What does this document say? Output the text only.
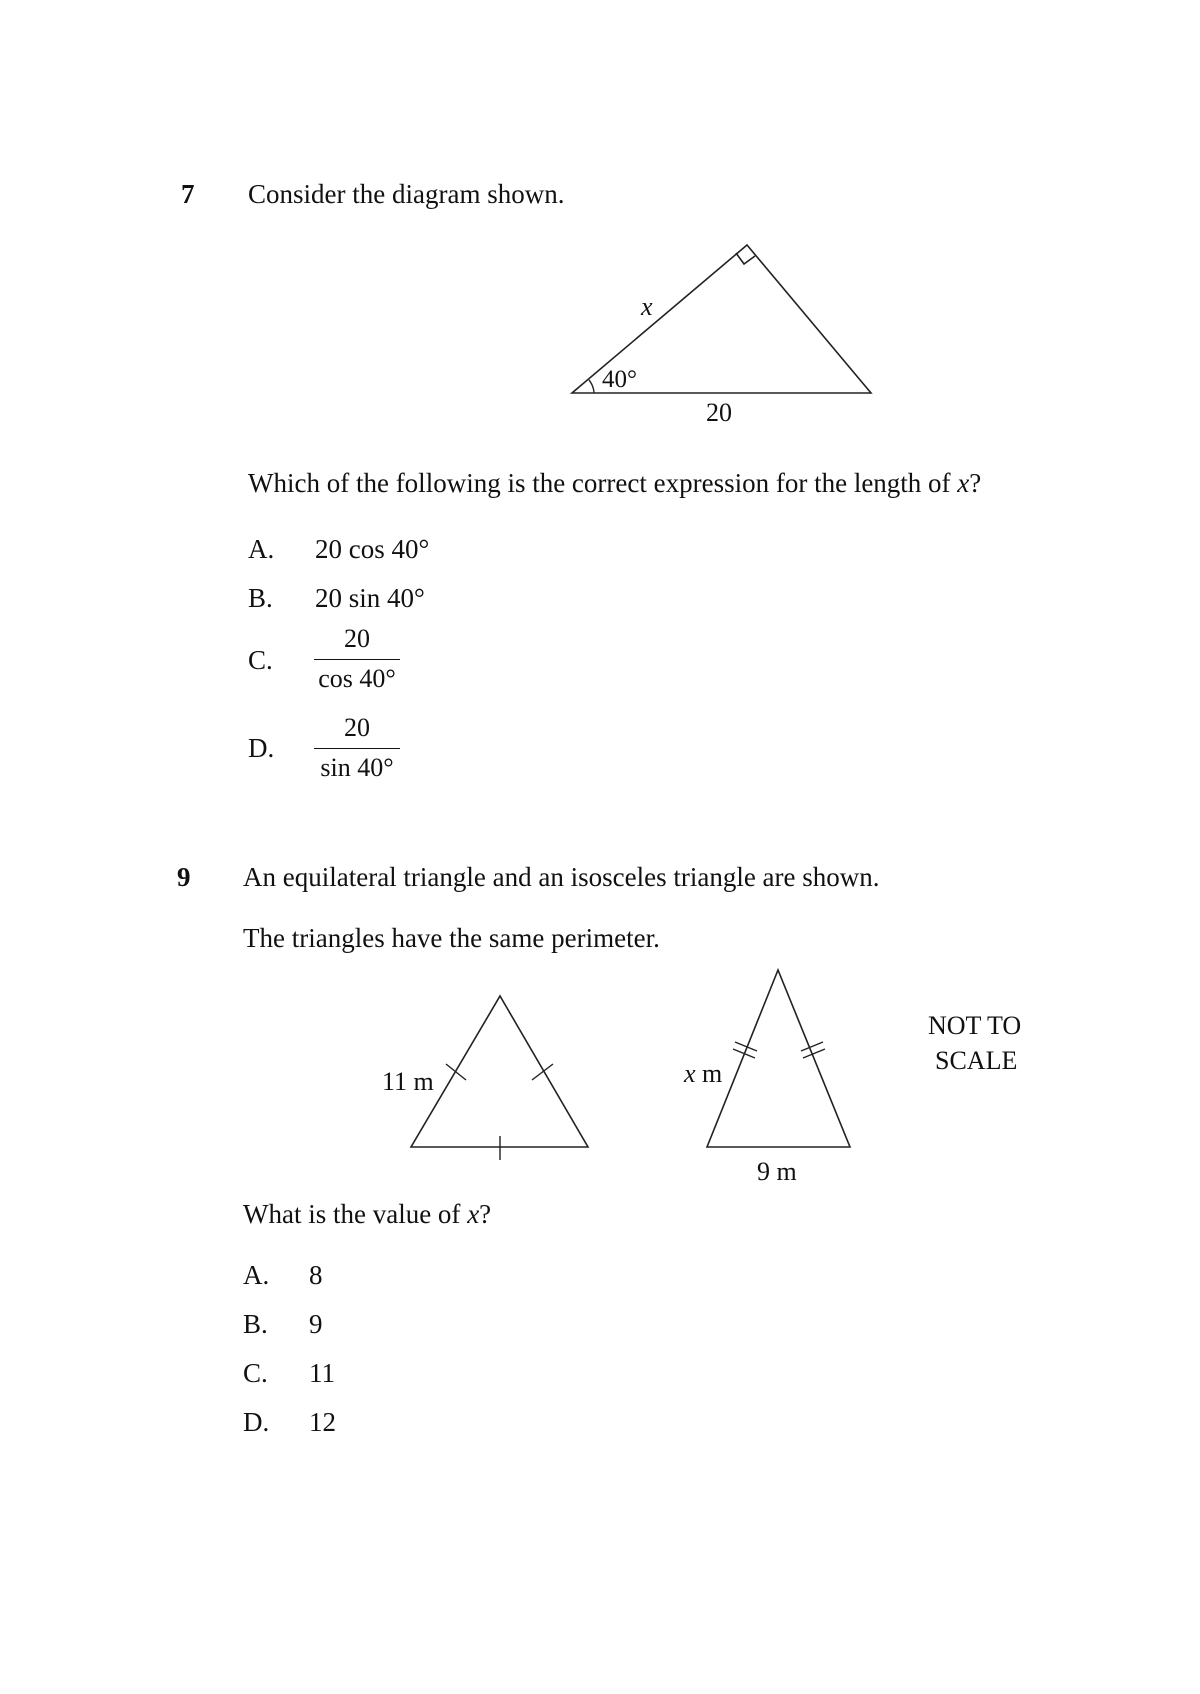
7 Consider the diagram shown.
x
40°
20
Which of the following is the correct expression for the length of x?
A. 20 cos 40°
B. 20 sin 40°
C.
20
cos 40°
D.
20
sin 40°
9 An equilateral triangle and an isosceles triangle are shown.
The triangles have the same perimeter.
11 m	x m
9 m
NOT TO
SCALE
What is the value of x?
A. 8
B. 9
C. 11
D. 12
